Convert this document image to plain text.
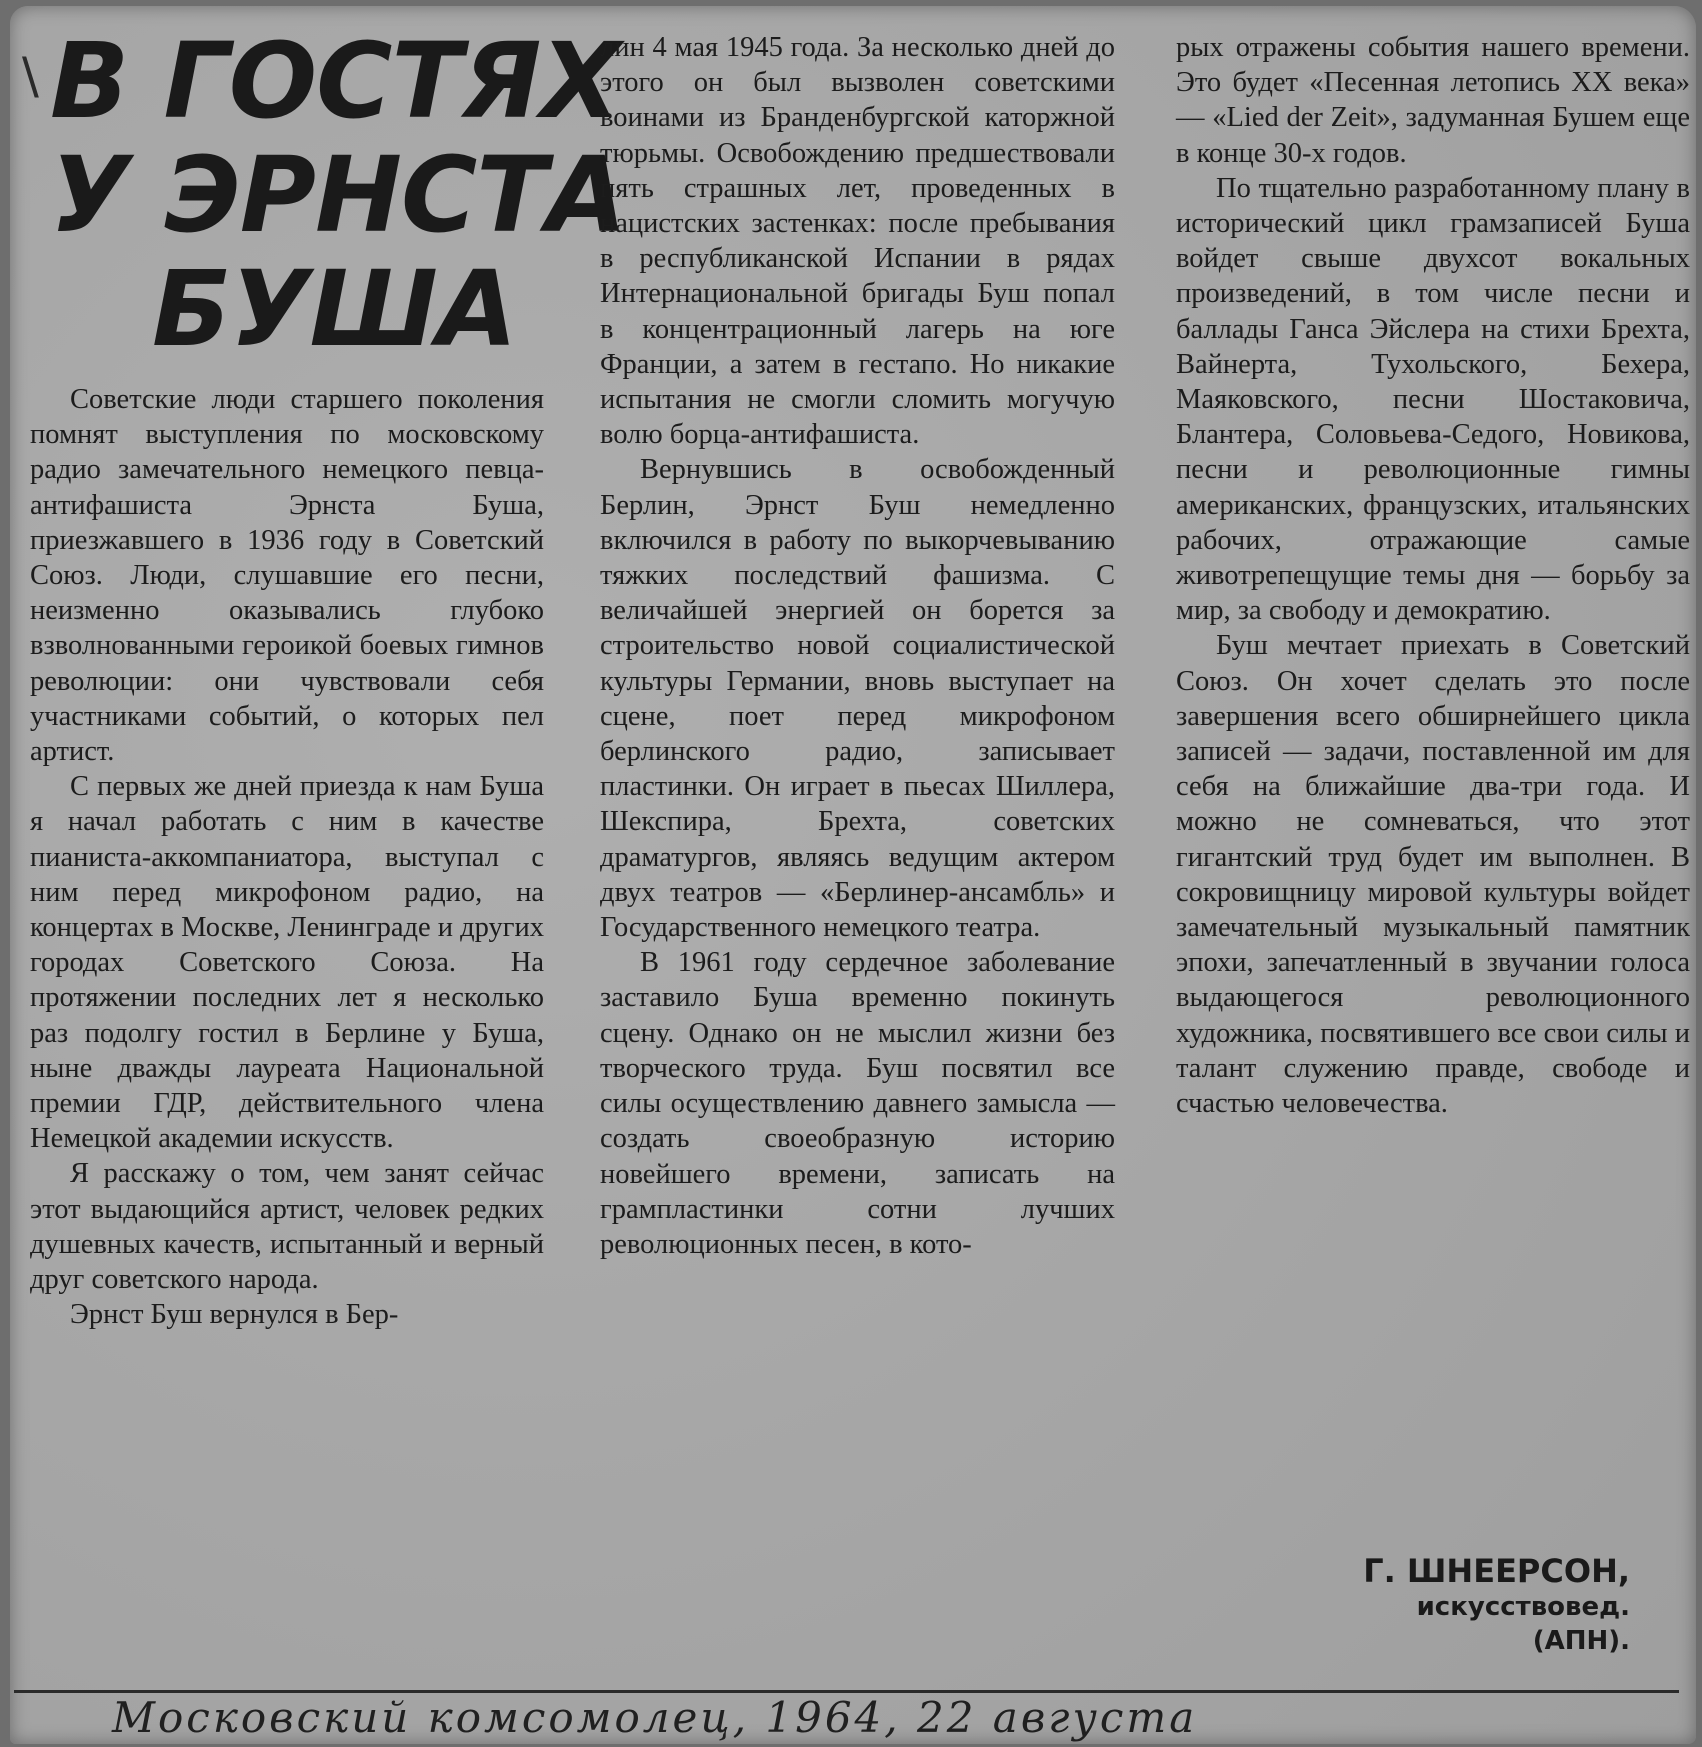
\ В ГОСТЯХ
У ЭРНСТА
БУША

Советские люди старшего поколения помнят выступления по московскому радио замечательного немецкого певца-антифашиста Эрнста Буша, приезжавшего в 1936 году в Советский Союз. Люди, слушавшие его песни, неизменно оказывались глубоко взволнованными героикой боевых гимнов революции: они чувствовали себя участниками событий, о которых пел артист.

С первых же дней приезда к нам Буша я начал работать с ним в качестве пианиста-аккомпаниатора, выступал с ним перед микрофоном радио, на концертах в Москве, Ленинграде и других городах Советского Союза. На протяжении последних лет я несколько раз подолгу гостил в Берлине у Буша, ныне дважды лауреата Национальной премии ГДР, действительного члена Немецкой академии искусств.

Я расскажу о том, чем занят сейчас этот выдающийся артист, человек редких душевных качеств, испытанный и верный друг советского народа.

Эрнст Буш вернулся в Бер-

лин 4 мая 1945 года. За несколько дней до этого он был вызволен советскими воинами из Бранденбургской каторжной тюрьмы. Освобождению предшествовали пять страшных лет, проведенных в нацистских застенках: после пребывания в республиканской Испании в рядах Интернациональной бригады Буш попал в концентрационный лагерь на юге Франции, а затем в гестапо. Но никакие испытания не смогли сломить могучую волю борца-антифашиста.

Вернувшись в освобожденный Берлин, Эрнст Буш немедленно включился в работу по выкорчевыванию тяжких последствий фашизма. С величайшей энергией он борется за строительство новой социалистической культуры Германии, вновь выступает на сцене, поет перед микрофоном берлинского радио, записывает пластинки. Он играет в пьесах Шиллера, Шекспира, Брехта, советских драматургов, являясь ведущим актером двух театров — «Берлинер-ансамбль» и Государственного немецкого театра.

В 1961 году сердечное заболевание заставило Буша временно покинуть сцену. Однако он не мыслил жизни без творческого труда. Буш посвятил все силы осуществлению давнего замысла — создать своеобразную историю новейшего времени, записать на грампластинки сотни лучших революционных песен, в кото-

рых отражены события нашего времени. Это будет «Песенная летопись XX века» — «Lied der Zeit», задуманная Бушем еще в конце 30-х годов.

По тщательно разработанному плану в исторический цикл грамзаписей Буша войдет свыше двухсот вокальных произведений, в том числе песни и баллады Ганса Эйслера на стихи Брехта, Вайнерта, Тухольского, Бехера, Маяковского, песни Шостаковича, Блантера, Соловьева-Седого, Новикова, песни и революционные гимны американских, французских, итальянских рабочих, отражающие самые животрепещущие темы дня — борьбу за мир, за свободу и демократию.

Буш мечтает приехать в Советский Союз. Он хочет сделать это после завершения всего обширнейшего цикла записей — задачи, поставленной им для себя на ближайшие два-три года. И можно не сомневаться, что этот гигантский труд будет им выполнен. В сокровищницу мировой культуры войдет замечательный музыкальный памятник эпохи, запечатленный в звучании голоса выдающегося революционного художника, посвятившего все свои силы и талант служению правде, свободе и счастью человечества.

Г. ШНЕЕРСОН,
искусствовед.
(АПН).
Московский комсомолец, 1964, 22 августа
